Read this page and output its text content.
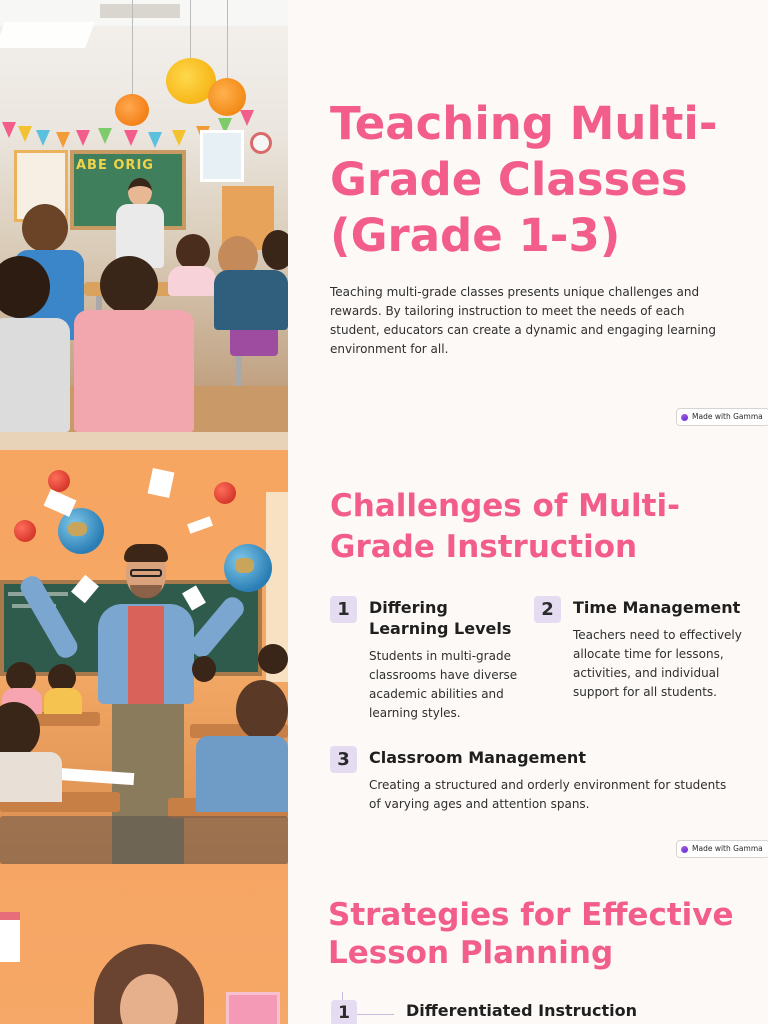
ABE ORIG
Teaching Multi-Grade Classes (Grade 1-3)

Teaching multi-grade classes presents unique challenges and rewards. By tailoring instruction to meet the needs of each student, educators can create a dynamic and engaging learning environment for all.

Made with Gamma
Challenges of Multi-Grade Instruction
1	Differing Learning Levels
Students in multi-grade classrooms have diverse academic abilities and learning styles.
2	Time Management
Teachers need to effectively allocate time for lessons, activities, and individual support for all students.
3	Classroom Management
Creating a structured and orderly environment for students of varying ages and attention spans.
Made with Gamma
Strategies for Effective Lesson Planning
1	Differentiated Instruction
